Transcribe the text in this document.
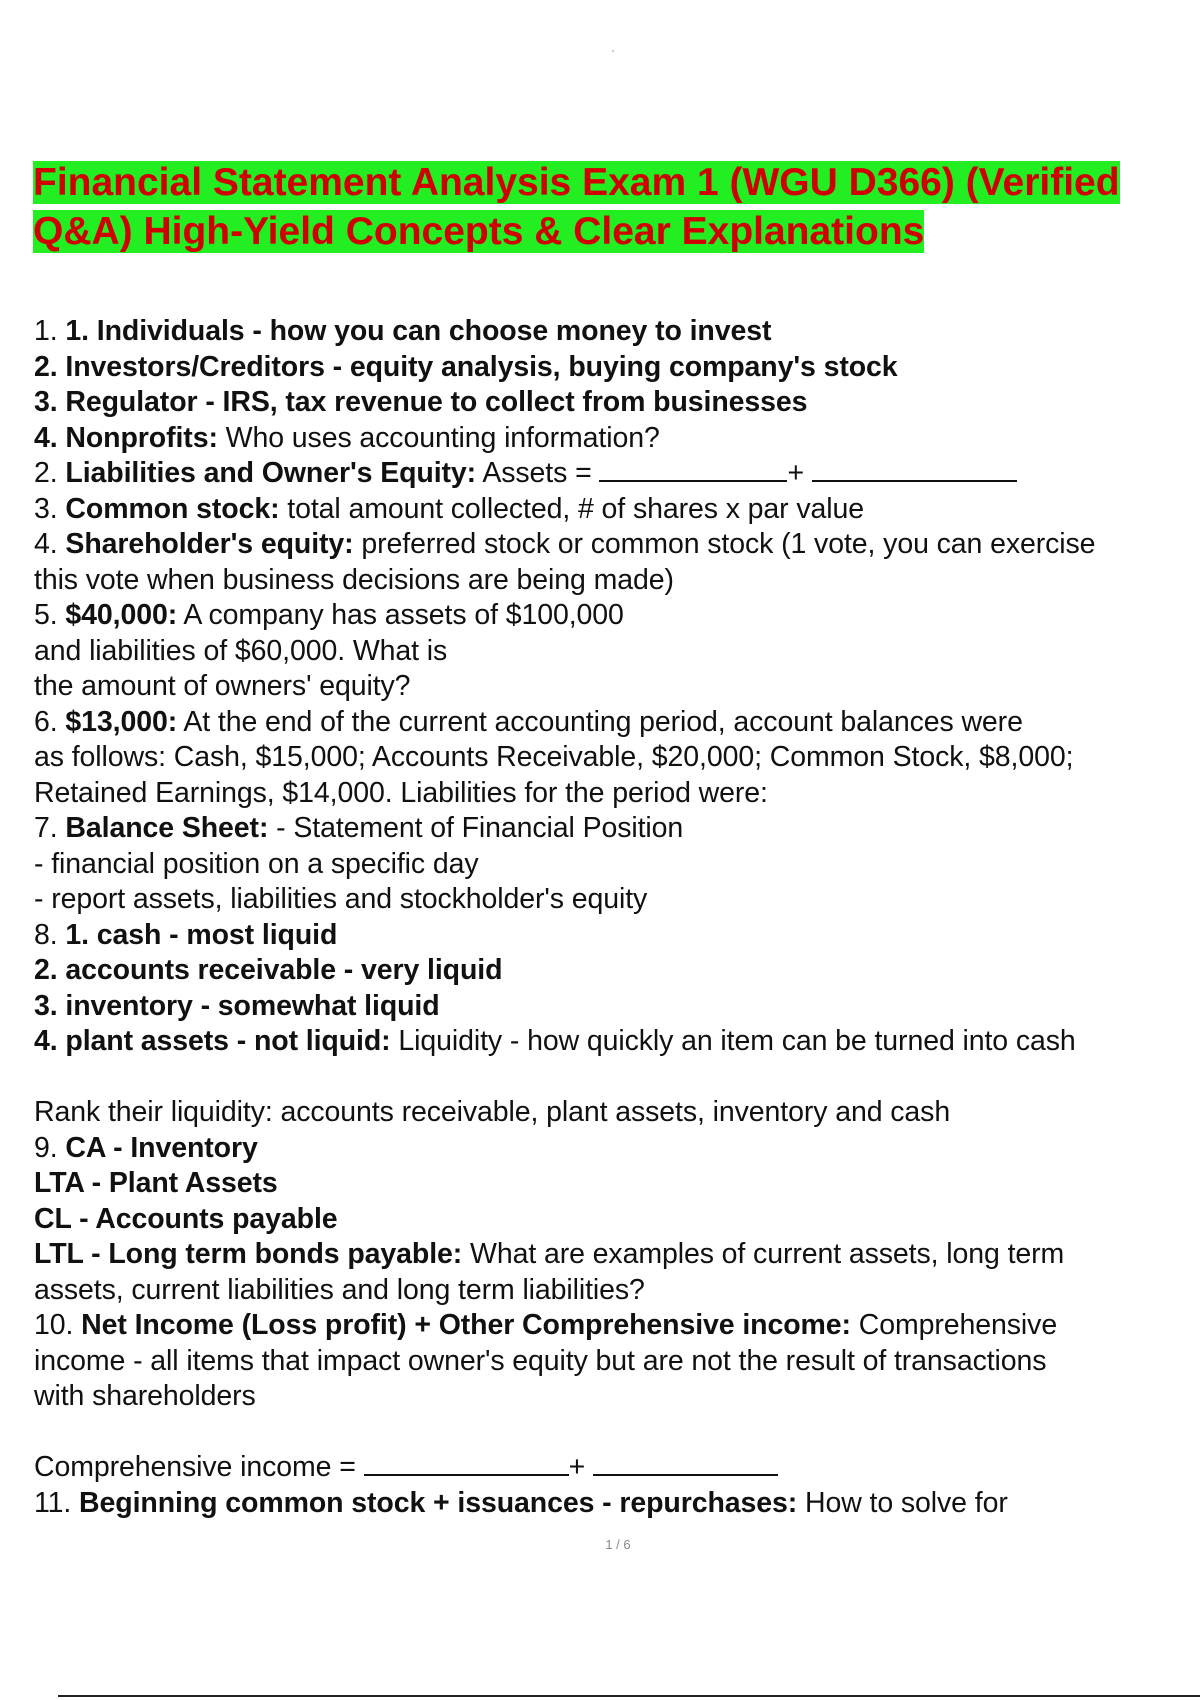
Financial Statement Analysis Exam 1 (WGU D366) (Verified
Q&A) High-Yield Concepts & Clear Explanations
1. 1. Individuals - how you can choose money to invest
2. Investors/Creditors - equity analysis, buying company's stock
3. Regulator - IRS, tax revenue to collect from businesses
4. Nonprofits: Who uses accounting information?
2. Liabilities and Owner's Equity: Assets =	+
3. Common stock: total amount collected, # of shares x par value
4. Shareholder's equity: preferred stock or common stock (1 vote, you can exercise
this vote when business decisions are being made)
5. $40,000: A company has assets of $100,000
and liabilities of $60,000. What is
the amount of owners' equity?
6. $13,000: At the end of the current accounting period, account balances were
as follows: Cash, $15,000; Accounts Receivable, $20,000; Common Stock, $8,000;
Retained Earnings, $14,000. Liabilities for the period were:
7. Balance Sheet: - Statement of Financial Position
- financial position on a specific day
- report assets, liabilities and stockholder's equity
8. 1. cash - most liquid
2. accounts receivable - very liquid
3. inventory - somewhat liquid
4. plant assets - not liquid: Liquidity - how quickly an item can be turned into cash
Rank their liquidity: accounts receivable, plant assets, inventory and cash
9. CA - Inventory
LTA - Plant Assets
CL - Accounts payable
LTL - Long term bonds payable: What are examples of current assets, long term
assets, current liabilities and long term liabilities?
10. Net Income (Loss profit) + Other Comprehensive income: Comprehensive
income - all items that impact owner's equity but are not the result of transactions
with shareholders
Comprehensive income =	+
11. Beginning common stock + issuances - repurchases: How to solve for
1 / 6
